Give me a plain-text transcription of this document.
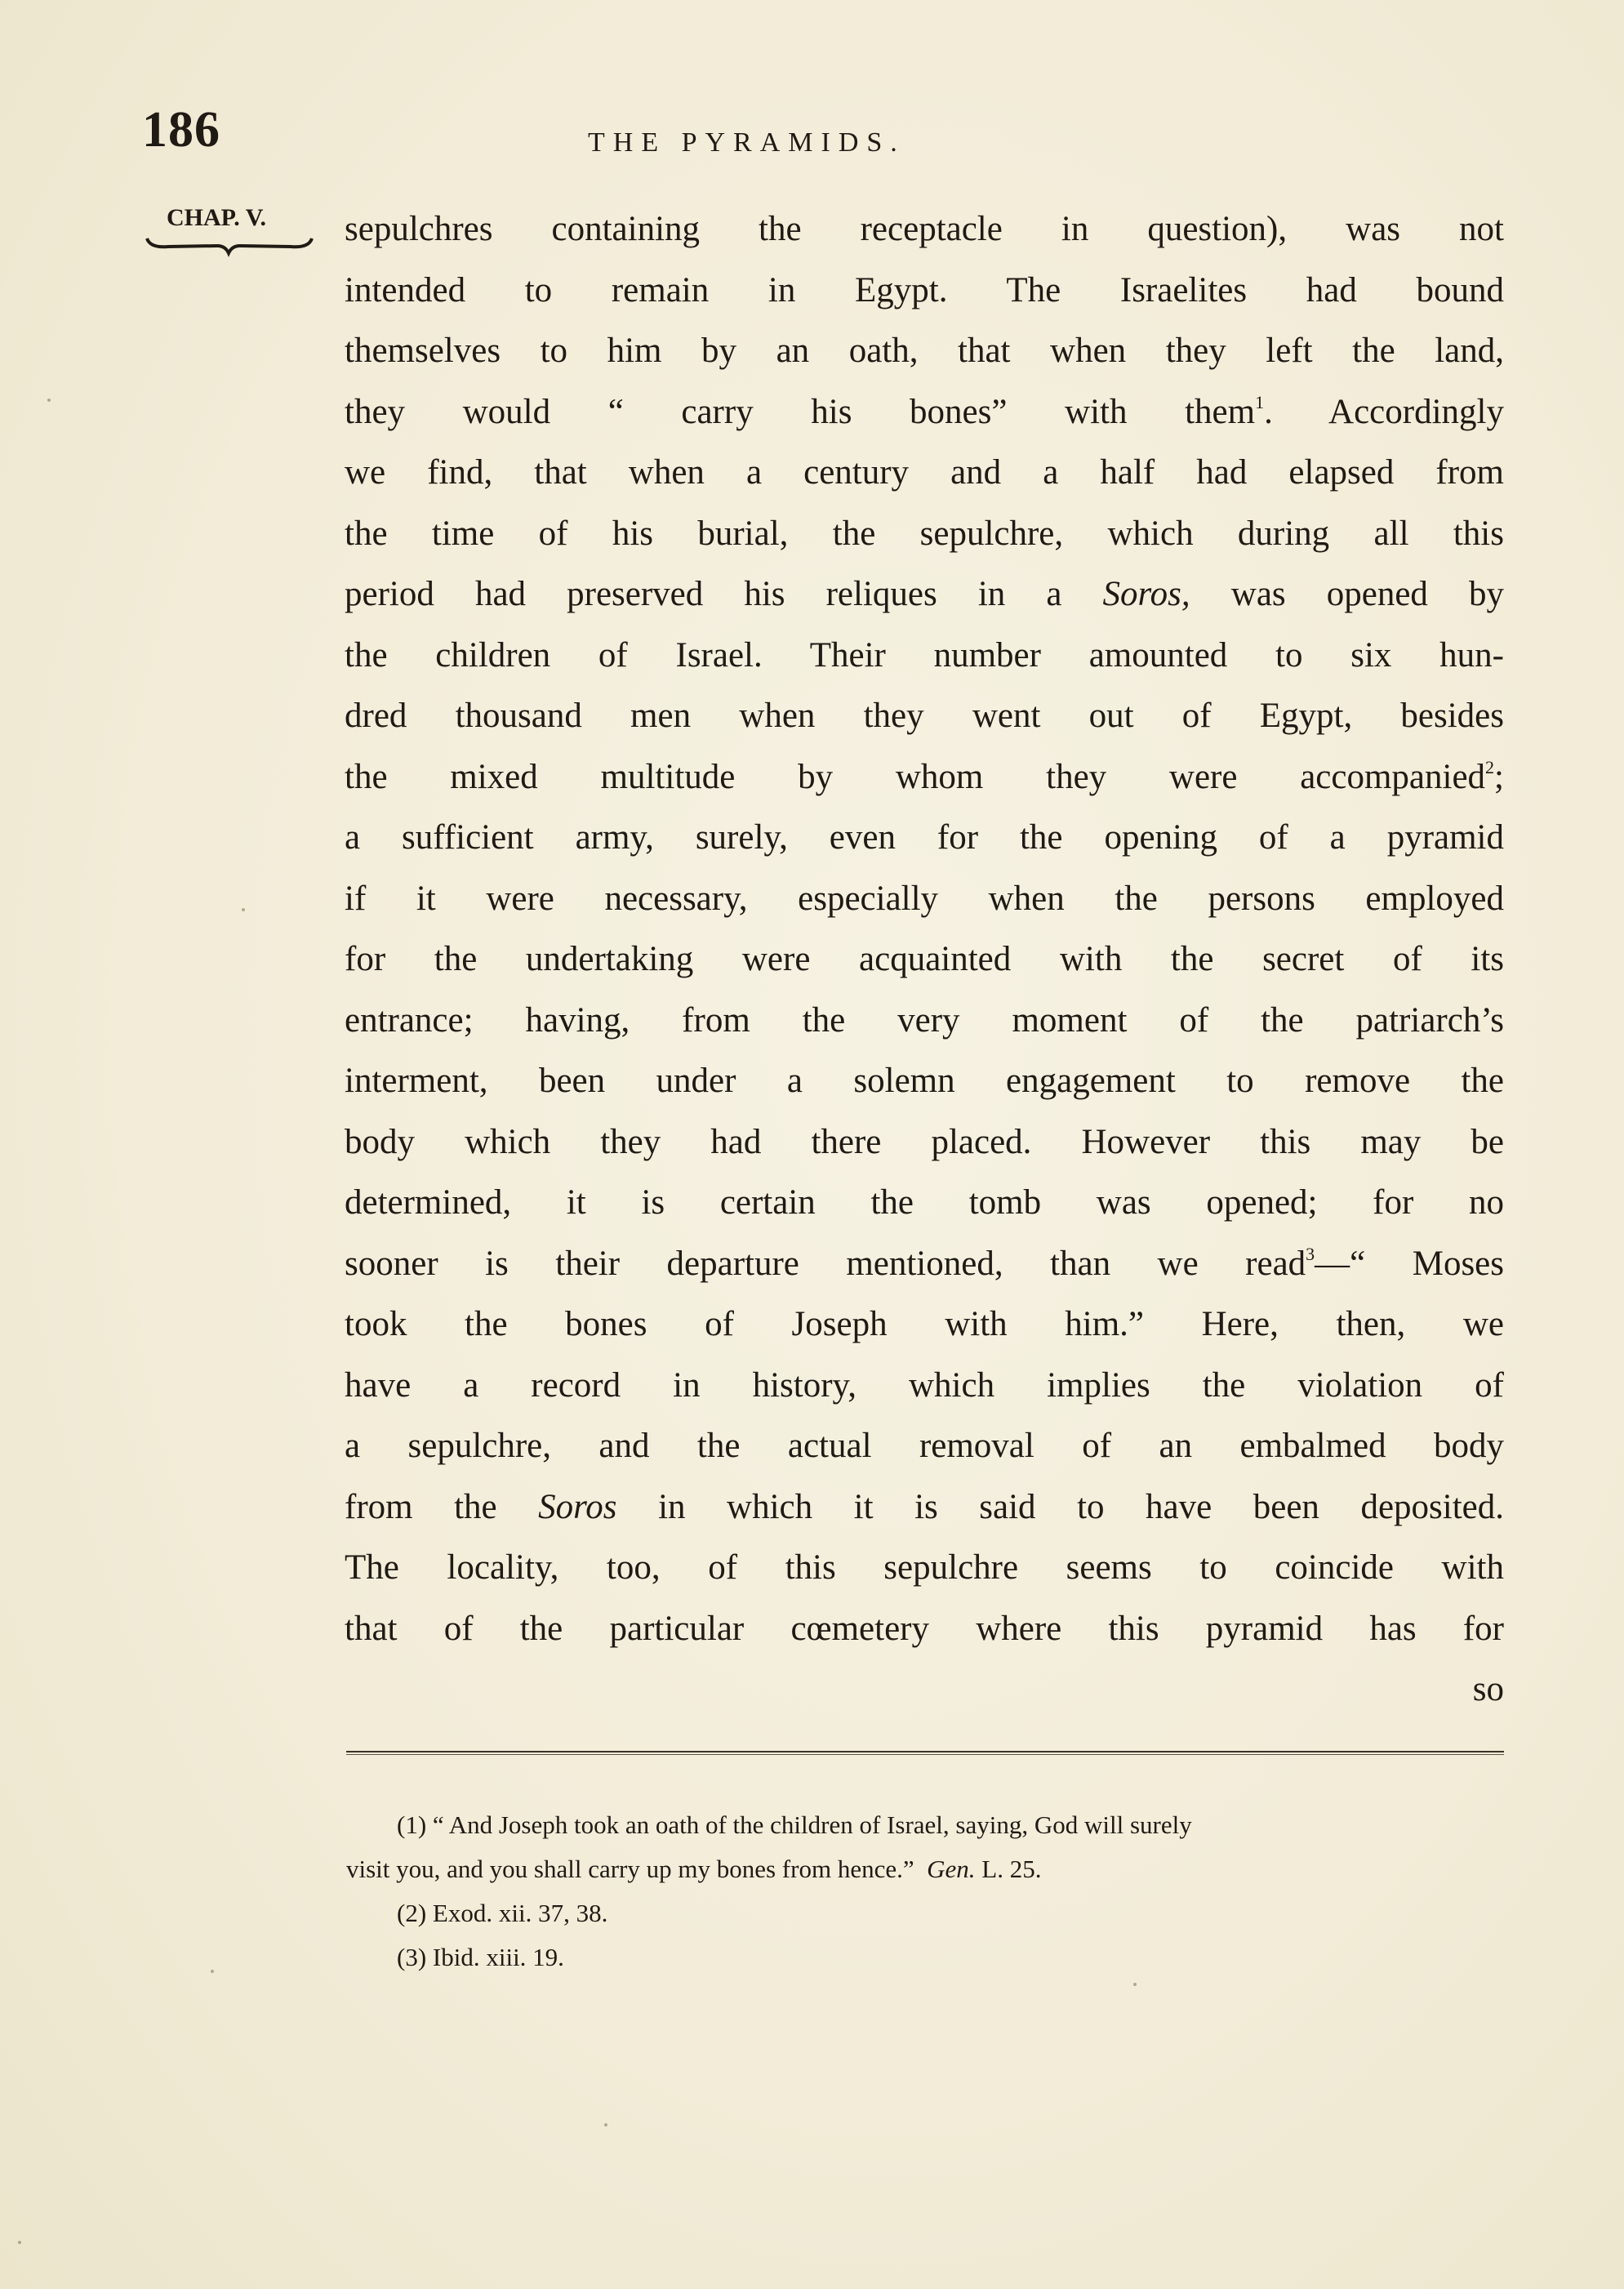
186	THE PYRAMIDS.
CHAP. V. sepulchres containing the receptacle in question), was not
intended to remain in Egypt. The Israelites had bound
themselves to him by an oath, that when they left the land,
they would “ carry his bones” with them$^1$. Accordingly
we find, that when a century and a half had elapsed from
the time of his burial, the sepulchre, which during all this
period had preserved his reliques in a Soros, was opened by
the children of Israel. Their number amounted to six hun-
dred thousand men when they went out of Egypt, besides
the mixed multitude by whom they were accompanied$^2$;
a sufficient army, surely, even for the opening of a pyramid
if it were necessary, especially when the persons employed
for the undertaking were acquainted with the secret of its
entrance; having, from the very moment of the patriarch’s
interment, been under a solemn engagement to remove the
body which they had there placed. However this may be
determined, it is certain the tomb was opened; for no
sooner is their departure mentioned, than we read$^3$—“ Moses
took the bones of Joseph with him.” Here, then, we
have a record in history, which implies the violation of
a sepulchre, and the actual removal of an embalmed body
from the Soros in which it is said to have been deposited.
The locality, too, of this sepulchre seems to coincide with
that of the particular cœmetery where this pyramid has for
so
(1) “ And Joseph took an oath of the children of Israel, saying, God will surely
visit you, and you shall carry up my bones from hence.” Gen. L. 25.
(2) Exod. xii. 37, 38.
(3) Ibid. xiii. 19.
